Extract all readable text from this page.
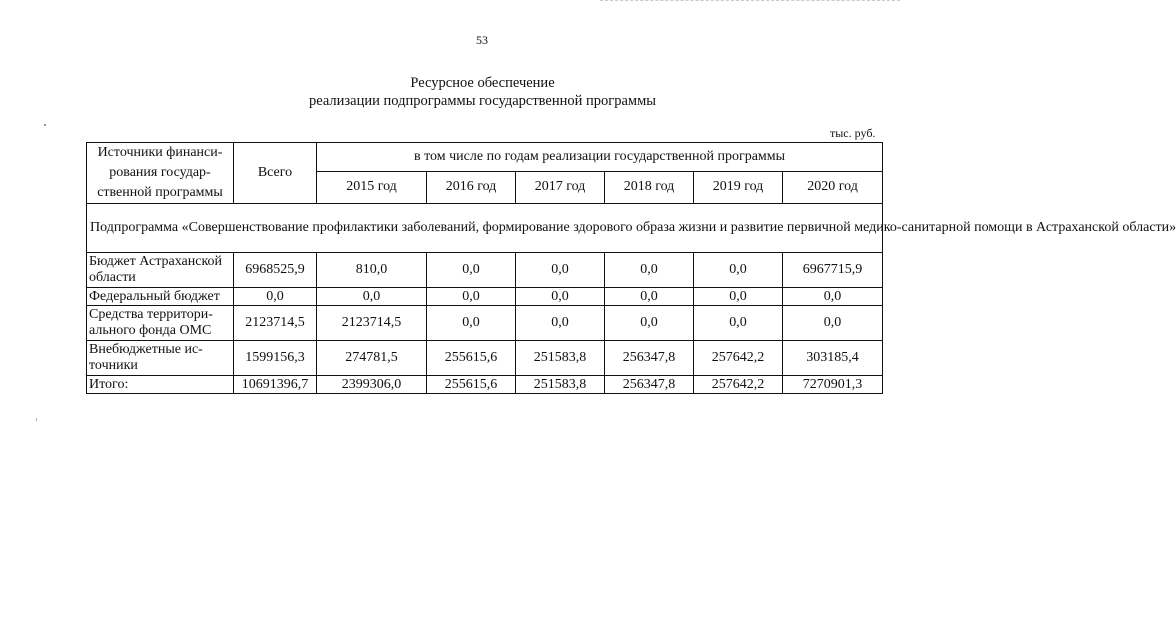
53
Ресурсное обеспечение
реализации подпрограммы государственной программы
тыс. руб.
Источники финанси-рования государ-ственной программы	Всего	в том числе по годам реализации государственной программы					
		2015 год	2016 год	2017 год	2018 год	2019 год	2020 год
Подпрограмма «Совершенствование профилактики заболеваний, формирование здорового образа жизни и развитие первичной медико-санитарной помощи в Астраханской области»							
Бюджет Астраханской области	6968525,9	810,0	0,0	0,0	0,0	0,0	6967715,9
Федеральный бюджет	0,0	0,0	0,0	0,0	0,0	0,0	0,0
Средства территори-ального фонда ОМС	2123714,5	2123714,5	0,0	0,0	0,0	0,0	0,0
Внебюджетные ис-точники	1599156,3	274781,5	255615,6	251583,8	256347,8	257642,2	303185,4
Итого:	10691396,7	2399306,0	255615,6	251583,8	256347,8	257642,2	7270901,3
